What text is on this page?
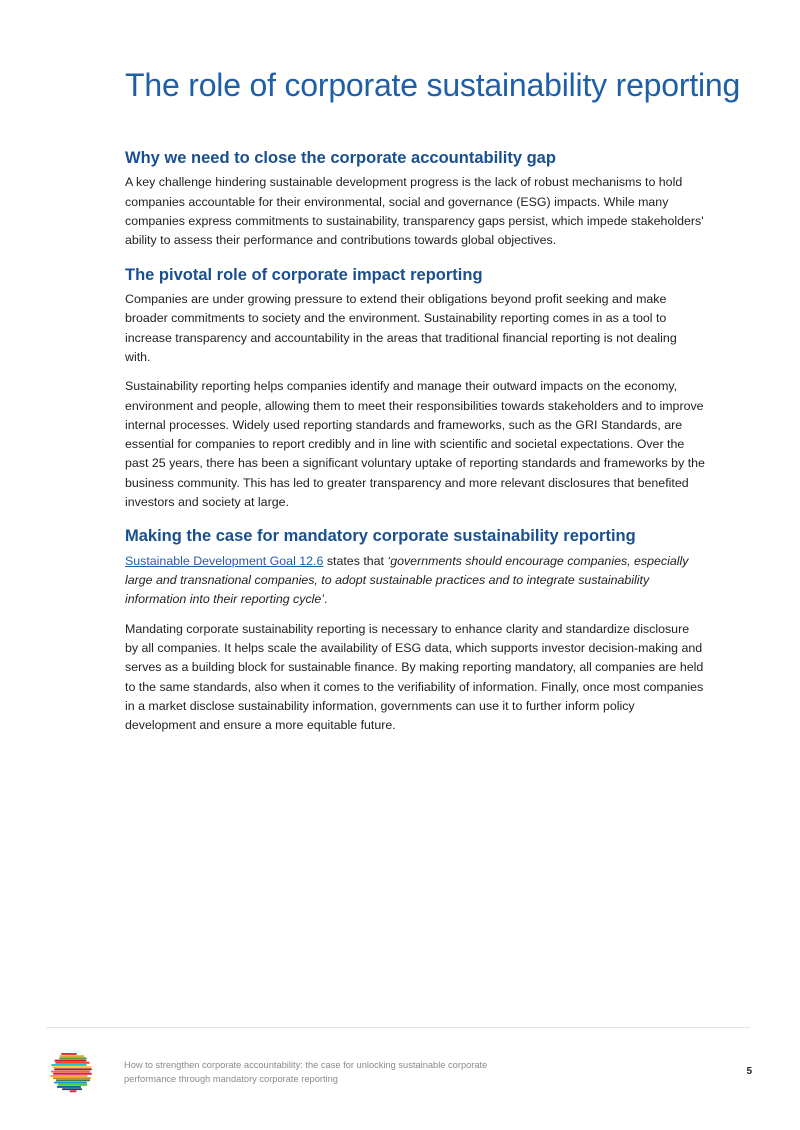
The role of corporate sustainability reporting
Why we need to close the corporate accountability gap

A key challenge hindering sustainable development progress is the lack of robust mechanisms to hold companies accountable for their environmental, social and governance (ESG) impacts. While many companies express commitments to sustainability, transparency gaps persist, which impede stakeholders' ability to assess their performance and contributions towards global objectives.

The pivotal role of corporate impact reporting

Companies are under growing pressure to extend their obligations beyond profit seeking and make broader commitments to society and the environment. Sustainability reporting comes in as a tool to increase transparency and accountability in the areas that traditional financial reporting is not dealing with.

Sustainability reporting helps companies identify and manage their outward impacts on the economy, environment and people, allowing them to meet their responsibilities towards stakeholders and to improve internal processes. Widely used reporting standards and frameworks, such as the GRI Standards, are essential for companies to report credibly and in line with scientific and societal expectations. Over the past 25 years, there has been a significant voluntary uptake of reporting standards and frameworks by the business community. This has led to greater transparency and more relevant disclosures that benefited investors and society at large.

Making the case for mandatory corporate sustainability reporting

Sustainable Development Goal 12.6 states that ‘governments should encourage companies, especially large and transnational companies, to adopt sustainable practices and to integrate sustainability information into their reporting cycle’.

Mandating corporate sustainability reporting is necessary to enhance clarity and standardize disclosure by all companies. It helps scale the availability of ESG data, which supports investor decision-making and serves as a building block for sustainable finance. By making reporting mandatory, all companies are held to the same standards, also when it comes to the verifiability of information. Finally, once most companies in a market disclose sustainability information, governments can use it to further inform policy development and ensure a more equitable future.

How to strengthen corporate accountability: the case for unlocking sustainable corporate performance through mandatory corporate reporting
5
